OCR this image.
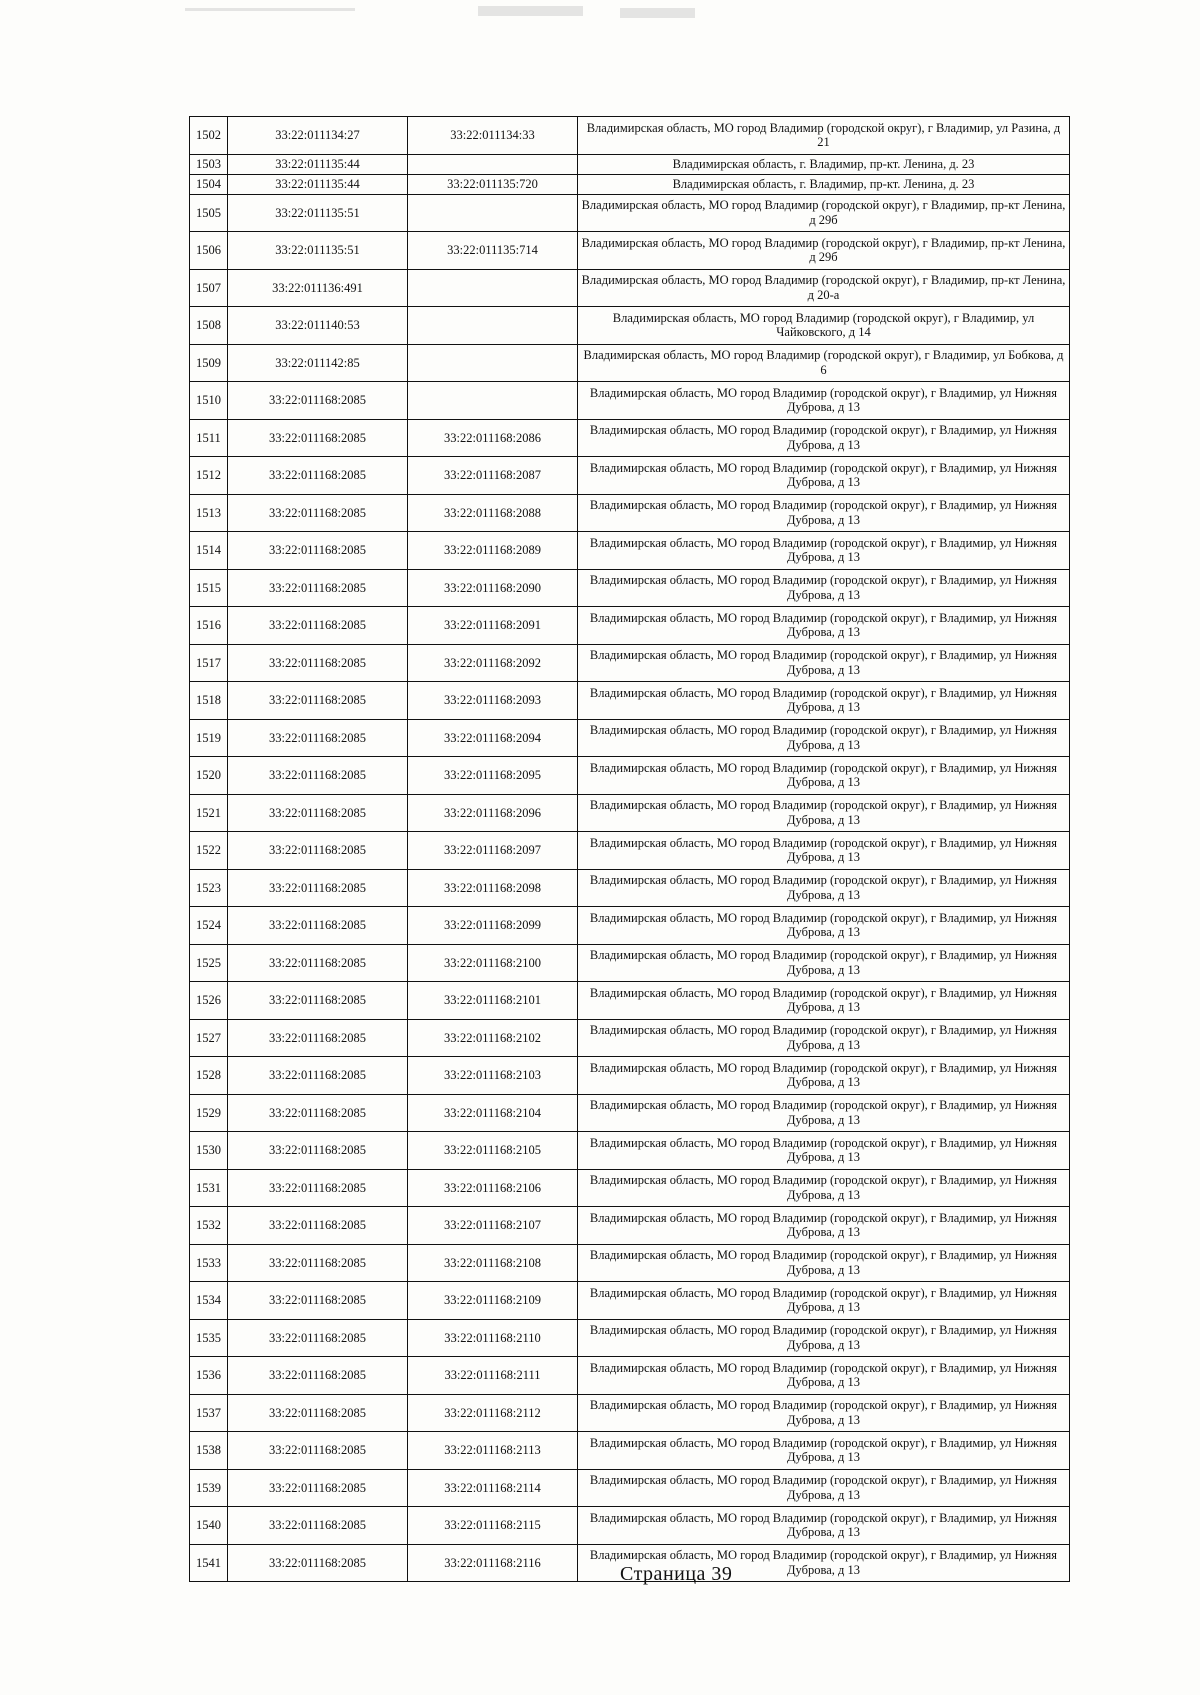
1502	33:22:011134:27	33:22:011134:33	Владимирская область, МО город Владимир (городской округ), г Владимир, ул Разина, д 21
1503	33:22:011135:44		Владимирская область, г. Владимир, пр-кт. Ленина, д. 23
1504	33:22:011135:44	33:22:011135:720	Владимирская область, г. Владимир, пр-кт. Ленина, д. 23
1505	33:22:011135:51		Владимирская область, МО город Владимир (городской округ), г Владимир, пр-кт Ленина, д 29б
1506	33:22:011135:51	33:22:011135:714	Владимирская область, МО город Владимир (городской округ), г Владимир, пр-кт Ленина, д 29б
1507	33:22:011136:491		Владимирская область, МО город Владимир (городской округ), г Владимир, пр-кт Ленина, д 20-а
1508	33:22:011140:53		Владимирская область, МО город Владимир (городской округ), г Владимир, ул Чайковского, д 14
1509	33:22:011142:85		Владимирская область, МО город Владимир (городской округ), г Владимир, ул Бобкова, д 6
1510	33:22:011168:2085		Владимирская область, МО город Владимир (городской округ), г Владимир, ул Нижняя Дуброва, д 13
1511	33:22:011168:2085	33:22:011168:2086	Владимирская область, МО город Владимир (городской округ), г Владимир, ул Нижняя Дуброва, д 13
1512	33:22:011168:2085	33:22:011168:2087	Владимирская область, МО город Владимир (городской округ), г Владимир, ул Нижняя Дуброва, д 13
1513	33:22:011168:2085	33:22:011168:2088	Владимирская область, МО город Владимир (городской округ), г Владимир, ул Нижняя Дуброва, д 13
1514	33:22:011168:2085	33:22:011168:2089	Владимирская область, МО город Владимир (городской округ), г Владимир, ул Нижняя Дуброва, д 13
1515	33:22:011168:2085	33:22:011168:2090	Владимирская область, МО город Владимир (городской округ), г Владимир, ул Нижняя Дуброва, д 13
1516	33:22:011168:2085	33:22:011168:2091	Владимирская область, МО город Владимир (городской округ), г Владимир, ул Нижняя Дуброва, д 13
1517	33:22:011168:2085	33:22:011168:2092	Владимирская область, МО город Владимир (городской округ), г Владимир, ул Нижняя Дуброва, д 13
1518	33:22:011168:2085	33:22:011168:2093	Владимирская область, МО город Владимир (городской округ), г Владимир, ул Нижняя Дуброва, д 13
1519	33:22:011168:2085	33:22:011168:2094	Владимирская область, МО город Владимир (городской округ), г Владимир, ул Нижняя Дуброва, д 13
1520	33:22:011168:2085	33:22:011168:2095	Владимирская область, МО город Владимир (городской округ), г Владимир, ул Нижняя Дуброва, д 13
1521	33:22:011168:2085	33:22:011168:2096	Владимирская область, МО город Владимир (городской округ), г Владимир, ул Нижняя Дуброва, д 13
1522	33:22:011168:2085	33:22:011168:2097	Владимирская область, МО город Владимир (городской округ), г Владимир, ул Нижняя Дуброва, д 13
1523	33:22:011168:2085	33:22:011168:2098	Владимирская область, МО город Владимир (городской округ), г Владимир, ул Нижняя Дуброва, д 13
1524	33:22:011168:2085	33:22:011168:2099	Владимирская область, МО город Владимир (городской округ), г Владимир, ул Нижняя Дуброва, д 13
1525	33:22:011168:2085	33:22:011168:2100	Владимирская область, МО город Владимир (городской округ), г Владимир, ул Нижняя Дуброва, д 13
1526	33:22:011168:2085	33:22:011168:2101	Владимирская область, МО город Владимир (городской округ), г Владимир, ул Нижняя Дуброва, д 13
1527	33:22:011168:2085	33:22:011168:2102	Владимирская область, МО город Владимир (городской округ), г Владимир, ул Нижняя Дуброва, д 13
1528	33:22:011168:2085	33:22:011168:2103	Владимирская область, МО город Владимир (городской округ), г Владимир, ул Нижняя Дуброва, д 13
1529	33:22:011168:2085	33:22:011168:2104	Владимирская область, МО город Владимир (городской округ), г Владимир, ул Нижняя Дуброва, д 13
1530	33:22:011168:2085	33:22:011168:2105	Владимирская область, МО город Владимир (городской округ), г Владимир, ул Нижняя Дуброва, д 13
1531	33:22:011168:2085	33:22:011168:2106	Владимирская область, МО город Владимир (городской округ), г Владимир, ул Нижняя Дуброва, д 13
1532	33:22:011168:2085	33:22:011168:2107	Владимирская область, МО город Владимир (городской округ), г Владимир, ул Нижняя Дуброва, д 13
1533	33:22:011168:2085	33:22:011168:2108	Владимирская область, МО город Владимир (городской округ), г Владимир, ул Нижняя Дуброва, д 13
1534	33:22:011168:2085	33:22:011168:2109	Владимирская область, МО город Владимир (городской округ), г Владимир, ул Нижняя Дуброва, д 13
1535	33:22:011168:2085	33:22:011168:2110	Владимирская область, МО город Владимир (городской округ), г Владимир, ул Нижняя Дуброва, д 13
1536	33:22:011168:2085	33:22:011168:2111	Владимирская область, МО город Владимир (городской округ), г Владимир, ул Нижняя Дуброва, д 13
1537	33:22:011168:2085	33:22:011168:2112	Владимирская область, МО город Владимир (городской округ), г Владимир, ул Нижняя Дуброва, д 13
1538	33:22:011168:2085	33:22:011168:2113	Владимирская область, МО город Владимир (городской округ), г Владимир, ул Нижняя Дуброва, д 13
1539	33:22:011168:2085	33:22:011168:2114	Владимирская область, МО город Владимир (городской округ), г Владимир, ул Нижняя Дуброва, д 13
1540	33:22:011168:2085	33:22:011168:2115	Владимирская область, МО город Владимир (городской округ), г Владимир, ул Нижняя Дуброва, д 13
1541	33:22:011168:2085	33:22:011168:2116	Владимирская область, МО город Владимир (городской округ), г Владимир, ул Нижняя Дуброва, д 13
Страница 39
